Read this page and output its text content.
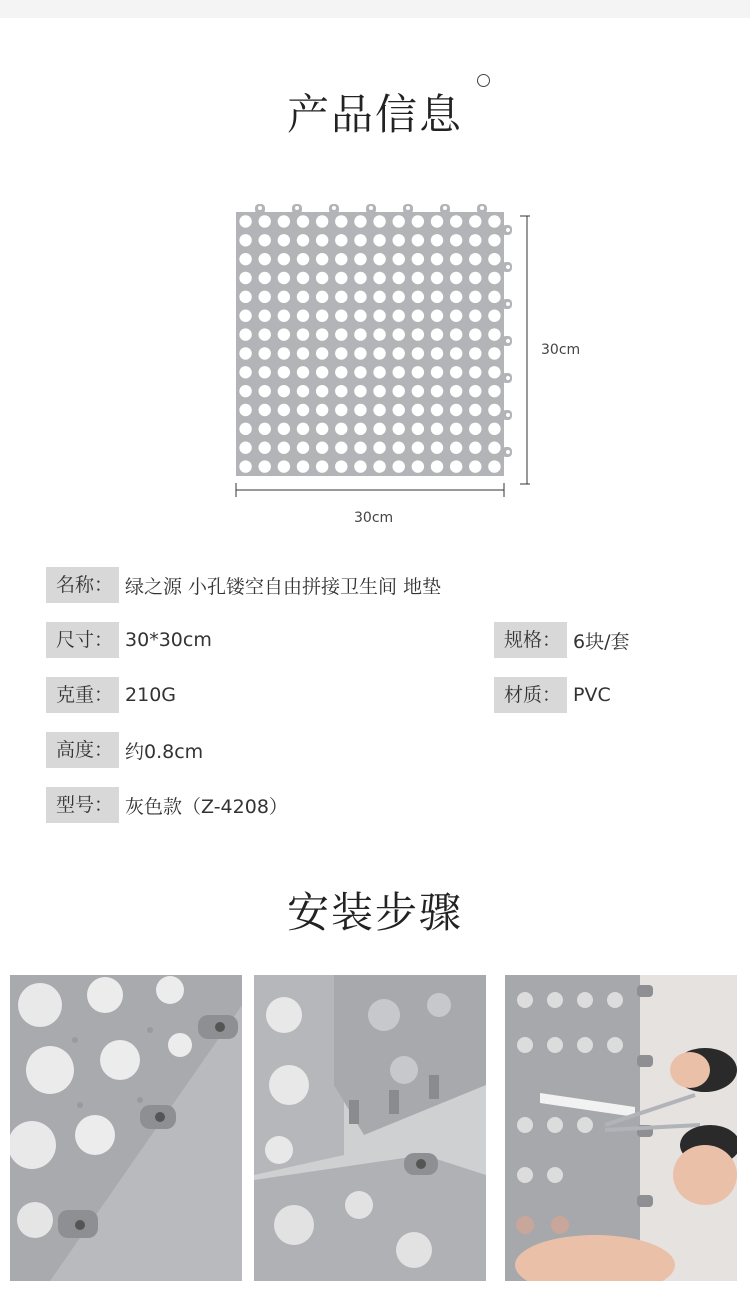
产品信息
30cm
30cm
名称： 绿之源 小孔镂空自由拼接卫生间 地垫
尺寸： 30*30cm	规格： 6块/套
克重： 210G	材质： PVC
高度： 约0.8cm
型号： 灰色款（Z-4208）
安装步骤
